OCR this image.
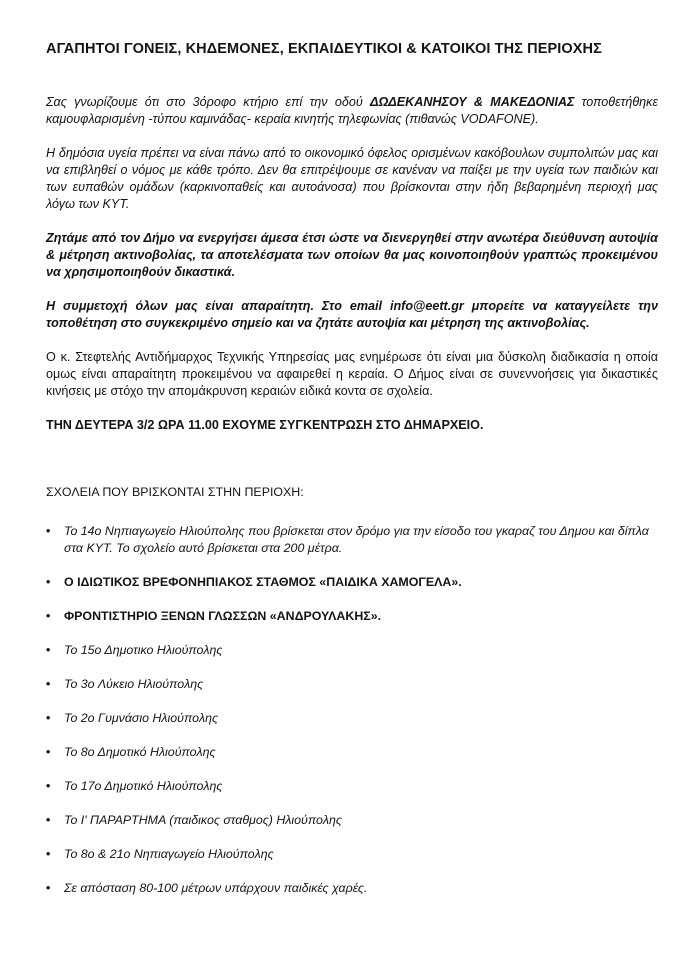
ΑΓΑΠΗΤΟΙ ΓΟΝΕΙΣ, ΚΗΔΕΜΟΝΕΣ, ΕΚΠΑΙΔΕΥΤΙΚΟΙ & ΚΑΤΟΙΚΟΙ ΤΗΣ ΠΕΡΙΟΧΗΣ

Σας γνωρίζουμε ότι στο 3όροφο κτήριο επί την οδού ΔΩΔΕΚΑΝΗΣΟΥ & ΜΑΚΕΔΟΝΙΑΣ τοποθετήθηκε καμουφλαρισμένη -τύπου καμινάδας- κεραία κινητής τηλεφωνίας (πιθανώς VODAFONE).

Η δημόσια υγεία πρέπει να είναι πάνω από το οικονομικό όφελος ορισμένων κακόβουλων συμπολιτών μας και να επιβληθεί ο νόμος με κάθε τρόπο. Δεν θα επιτρέψουμε σε κανέναν να παίξει με την υγεία των παιδιών και των ευπαθών ομάδων (καρκινοπαθείς και αυτοάνοσα) που βρίσκονται στην ήδη βεβαρημένη περιοχή μας λόγω των ΚΥΤ.

Ζητάμε από τον Δήμο να ενεργήσει άμεσα έτσι ώστε να διενεργηθεί στην ανωτέρα διεύθυνση αυτοψία & μέτρηση ακτινοβολίας, τα αποτελέσματα των οποίων θα μας κοινοποιηθούν γραπτώς προκειμένου να χρησιμοποιηθούν δικαστικά.

Η συμμετοχή όλων μας είναι απαραίτητη. Στο email info@eett.gr μπορείτε να καταγγείλετε την τοποθέτηση στο συγκεκριμένο σημείο και να ζητάτε αυτοψία και μέτρηση της ακτινοβολίας.

Ο κ. Στεφτελής Αντιδήμαρχος Τεχνικής Υπηρεσίας μας ενημέρωσε ότι είναι μια δύσκολη διαδικασία η οποία ομως είναι απαραίτητη προκειμένου να αφαιρεθεί η κεραία. Ο Δήμος είναι σε συνεννοήσεις για δικαστικές κινήσεις με στόχο την απομάκρυνση κεραιών ειδικά κοντα σε σχολεία.

ΤΗΝ ΔΕΥΤΕΡΑ 3/2 ΩΡΑ 11.00 ΕΧΟΥΜΕ ΣΥΓΚΕΝΤΡΩΣΗ ΣΤΟ ΔΗΜΑΡΧΕΙΟ.
ΣΧΟΛΕΙΑ ΠΟΥ ΒΡΙΣΚΟΝΤΑΙ ΣΤΗΝ ΠΕΡΙΟΧΗ:
• Το 14ο Νηπιαγωγείο Ηλιούπολης που βρίσκεται στον δρόμο για την είσοδο του γκαραζ του Δημου και δίπλα στα ΚΥΤ. Το σχολείο αυτό βρίσκεται στα 200 μέτρα.
• Ο ΙΔΙΩΤΙΚΟΣ ΒΡΕΦΟΝΗΠΙΑΚΟΣ ΣΤΑΘΜΟΣ «ΠΑΙΔΙΚΑ ΧΑΜΟΓΕΛΑ».
• ΦΡΟΝΤΙΣΤΗΡΙΟ ΞΕΝΩΝ ΓΛΩΣΣΩΝ «ΑΝΔΡΟΥΛΑΚΗΣ».
• Το 15ο Δημοτικο Ηλιούπολης
• Το 3ο Λύκειο Ηλιούπολης
• Το 2ο Γυμνάσιο Ηλιούπολης
• Το 8ο Δημοτικό Ηλιούπολης
• Το 17ο Δημοτικό Ηλιούπολης
• Το Ι' ΠΑΡΑΡΤΗΜΑ (παιδικος σταθμος) Ηλιούπολης
• Το 8ο & 21ο Νηπιαγωγείο Ηλιούπολης
• Σε απόσταση 80-100 μέτρων υπάρχουν παιδικές χαρές.
